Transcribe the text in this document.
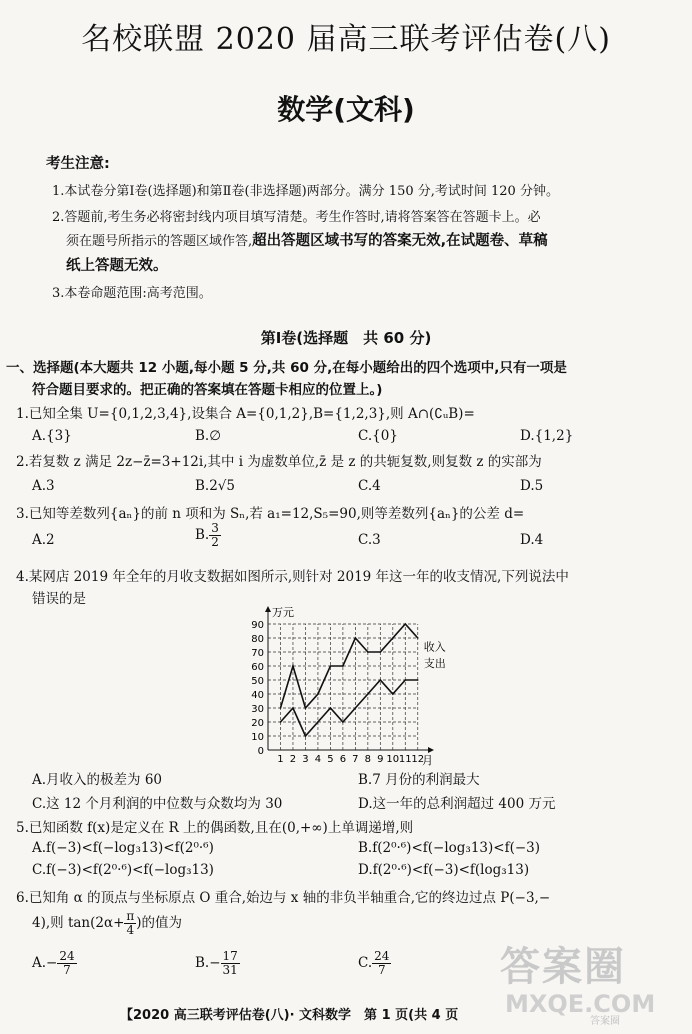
名校联盟 2020 届高三联考评估卷(八)
数学(文科)
考生注意:
1.本试卷分第Ⅰ卷(选择题)和第Ⅱ卷(非选择题)两部分。满分 150 分,考试时间 120 分钟。
2.答题前,考生务必将密封线内项目填写清楚。考生作答时,请将答案答在答题卡上。必
须在题号所指示的答题区域作答,超出答题区域书写的答案无效,在试题卷、草稿
纸上答题无效。
3.本卷命题范围:高考范围。
第Ⅰ卷(选择题　共 60 分)
一、选择题(本大题共 12 小题,每小题 5 分,共 60 分,在每小题给出的四个选项中,只有一项是
符合题目要求的。把正确的答案填在答题卡相应的位置上。)
1.已知全集 U={0,1,2,3,4},设集合 A={0,1,2},B={1,2,3},则 A∩(∁ᵤB)=
A.{3}	B.∅	C.{0}	D.{1,2}
2.若复数 z 满足 2z−z̄=3+12i,其中 i 为虚数单位,z̄ 是 z 的共轭复数,则复数 z 的实部为
A.3	B.2√5	C.4	D.5
3.已知等差数列{aₙ}的前 n 项和为 Sₙ,若 a₁=12,S₅=90,则等差数列{aₙ}的公差 d=
A.2	B. $\frac{3}{2}$	C.3	D.4
4.某网店 2019 年全年的月收支数据如图所示,则针对 2019 年这一年的收支情况,下列说法中
错误的是
万元
月
0
10
20
30
40
50
60
70
80
90
1 2 3 4 5 6 7 8 9 10 11 12
收入
支出
A.月收入的极差为 60	B.7 月份的利润最大
C.这 12 个月利润的中位数与众数均为 30	D.这一年的总利润超过 400 万元
5.已知函数 f(x)是定义在 R 上的偶函数,且在(0,+∞)上单调递增,则
A.f(−3)<f(−log₃13)<f(2⁰·⁶)	B.f(2⁰·⁶)<f(−log₃13)<f(−3)
C.f(−3)<f(2⁰·⁶)<f(−log₃13)	D.f(2⁰·⁶)<f(−3)<f(log₃13)
6.已知角 α 的顶点与坐标原点 O 重合,始边与 x 轴的非负半轴重合,它的终边过点 P(−3,−
4),则 $\tan(2\alpha+ \frac{\pi}{4}$ )的值为
$A.- \frac{24}{7}$	$B.- \frac{17}{31}$	C. $\frac{24}{7}$	答案圈
MXQE.COM
答案圈
【2020 高三联考评估卷(八)· 文科数学　第 1 页(共 4 页
